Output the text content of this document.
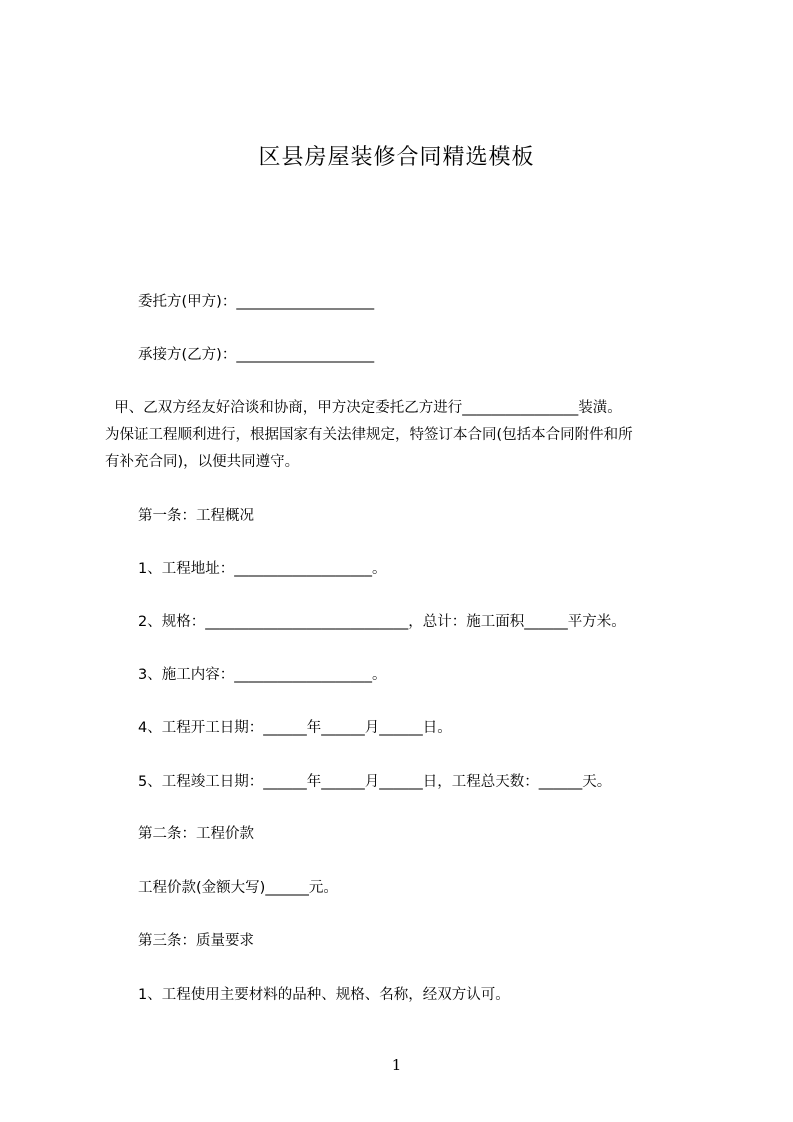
区县房屋装修合同精选模板
委托方(甲方)：___________________
承接方(乙方)：___________________
甲、乙双方经友好洽谈和协商，甲方决定委托乙方进行________________装潢。
为保证工程顺利进行，根据国家有关法律规定，特签订本合同(包括本合同附件和所
有补充合同)，以便共同遵守。
第一条：工程概况
1、工程地址：___________________。
2、规格：____________________________，总计：施工面积______平方米。
3、施工内容：___________________。
4、工程开工日期：______年______月______日。
5、工程竣工日期：______年______月______日，工程总天数：______天。
第二条：工程价款
工程价款(金额大写)______元。
第三条：质量要求
1、工程使用主要材料的品种、规格、名称，经双方认可。
1
